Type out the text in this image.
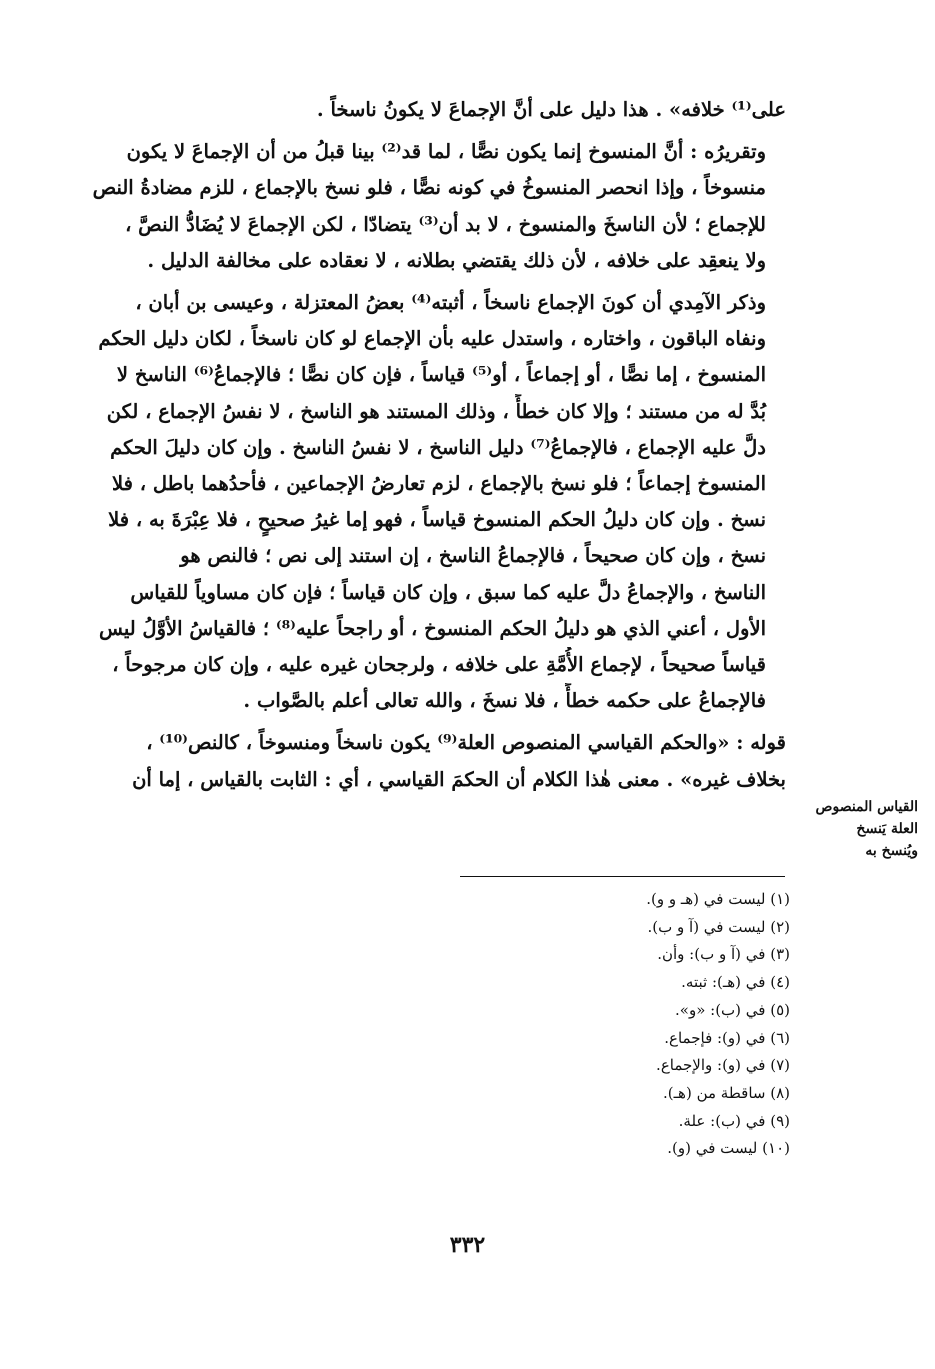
على⁽¹⁾ خلافه» . هذا دليل على أنَّ الإجماعَ لا يكونُ ناسخاً .

وتقريرُه : أنَّ المنسوخ إنما يكون نصًّا ، لما قد⁽²⁾ بينا قبلُ من أن الإجماعَ لا يكون
منسوخاً ، وإذا انحصر المنسوخُ في كونه نصًّا ، فلو نسخ بالإجماع ، للزم مضادةُ النص
للإجماع ؛ لأن الناسخَ والمنسوخ ، لا بد أن⁽³⁾ يتضادّا ، لكن الإجماعَ لا يُضَادُّ النصَّ ،
ولا ينعقِد على خلافه ، لأن ذلك يقتضي بطلانه ، لا نعقاده على مخالفة الدليل .

وذكر الآمِدي أن كونَ الإجماع ناسخاً ، أثبته⁽⁴⁾ بعضُ المعتزلة ، وعيسى بن أبان ،
ونفاه الباقون ، واختاره ، واستدل عليه بأن الإجماع لو كان ناسخاً ، لكان دليل الحكم
المنسوخ ، إما نصًّا ، أو إجماعاً ، أو⁽⁵⁾ قياساً ، فإن كان نصًّا ؛ فالإجماعُ⁽⁶⁾ الناسخ لا
بُدَّ له من مستند ؛ وإلا كان خطأً ، وذلك المستند هو الناسخ ، لا نفسُ الإجماع ، لكن
دلَّ عليه الإجماع ، فالإجماعُ⁽⁷⁾ دليل الناسخ ، لا نفسُ الناسخ . وإن كان دليلَ الحكم
المنسوخ إجماعاً ؛ فلو نسخ بالإجماع ، لزم تعارضُ الإجماعين ، فأحدُهما باطل ، فلا
نسخ . وإن كان دليلُ الحكم المنسوخ قياساً ، فهو إما غيرُ صحيحٍ ، فلا عِبْرَةَ به ، فلا
نسخ ، وإن كان صحيحاً ، فالإجماعُ الناسخ ، إن استند إلى نص ؛ فالنص هو
الناسخ ، والإجماعُ دلَّ عليه كما سبق ، وإن كان قياساً ؛ فإن كان مساوياً للقياس
الأول ، أعني الذي هو دليلُ الحكم المنسوخ ، أو راجحاً عليه⁽⁸⁾ ؛ فالقياسُ الأوَّلُ ليس
قياساً صحيحاً ، لإجماع الأُمَّةِ على خلافه ، ولرجحان غيره عليه ، وإن كان مرجوحاً ،
فالإجماعُ على حكمه خطأً ، فلا نسخَ ، والله تعالى أعلم بالصَّواب .

قوله : «والحكم القياسي المنصوص العلة⁽⁹⁾ يكون ناسخاً ومنسوخاً ، كالنص⁽¹⁰⁾ ،
بخلاف غيره» . معنى هٰذا الكلام أن الحكمَ القياسي ، أي : الثابت بالقياس ، إما أن

القياس المنصوص
العلة يَنسخ
ويُنسخ به
(١) ليست في (هـ و و).
(٢) ليست في (آ و ب).
(٣) في (آ و ب): وأن.
(٤) في (هـ): ثبته.
(٥) في (ب): «و».
(٦) في (و): فإجماع.
(٧) في (و): والإجماع.
(٨) ساقطة من (هـ).
(٩) في (ب): علة.
(١٠) ليست في (و).
٣٣٢
